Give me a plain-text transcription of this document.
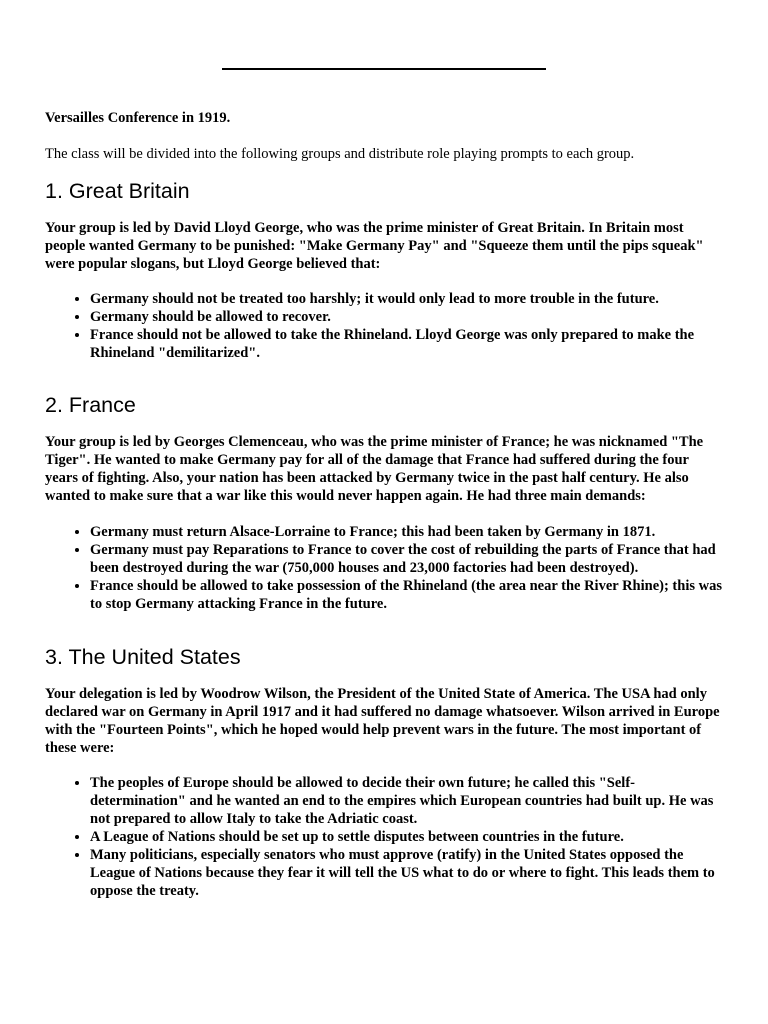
Versailles Conference in 1919.

The class will be divided into the following groups and distribute role playing prompts to each group.

1. Great Britain

Your group is led by David Lloyd George, who was the prime minister of Great Britain. In Britain most people wanted Germany to be punished: "Make Germany Pay" and "Squeeze them until the pips squeak" were popular slogans, but Lloyd George believed that:

• Germany should not be treated too harshly; it would only lead to more trouble in the future.
• Germany should be allowed to recover.
• France should not be allowed to take the Rhineland. Lloyd George was only prepared to make the Rhineland "demilitarized".
2. France

Your group is led by Georges Clemenceau, who was the prime minister of France; he was nicknamed "The Tiger". He wanted to make Germany pay for all of the damage that France had suffered during the four years of fighting. Also, your nation has been attacked by Germany twice in the past half century. He also wanted to make sure that a war like this would never happen again. He had three main demands:

• Germany must return Alsace-Lorraine to France; this had been taken by Germany in 1871.
• Germany must pay Reparations to France to cover the cost of rebuilding the parts of France that had been destroyed during the war (750,000 houses and 23,000 factories had been destroyed).
• France should be allowed to take possession of the Rhineland (the area near the River Rhine); this was to stop Germany attacking France in the future.
3. The United States

Your delegation is led by Woodrow Wilson, the President of the United State of America. The USA had only declared war on Germany in April 1917 and it had suffered no damage whatsoever. Wilson arrived in Europe with the "Fourteen Points", which he hoped would help prevent wars in the future. The most important of these were:

• The peoples of Europe should be allowed to decide their own future; he called this "Self-determination" and he wanted an end to the empires which European countries had built up. He was not prepared to allow Italy to take the Adriatic coast.
• A League of Nations should be set up to settle disputes between countries in the future.
• Many politicians, especially senators who must approve (ratify) in the United States opposed the League of Nations because they fear it will tell the US what to do or where to fight. This leads them to oppose the treaty.
